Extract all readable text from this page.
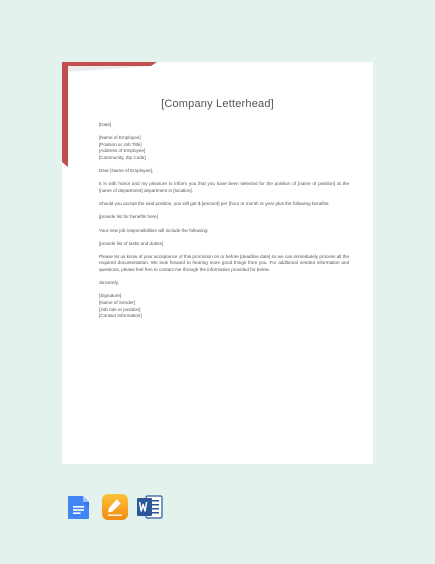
[Company Letterhead]

[Date]

[Name of Employee]
[Position or Job Title]
[Address of Employee]
[Community, Zip Code]

Dear [Name of Employee],

It is with honor and my pleasure to inform you that you have been selected for the position of [name of position] at the [name of department] department in [location].

Should you accept the said position, you will get $ [amount] per [hour or month or year plus the following benefits:

[provide list for benefits here]

Your new job responsibilities will include the following:

[provide list of tasks and duties]

Please let us know of your acceptance of this promotion on or before [deadline date] so we can immediately process all the required documentation. We look forward to hearing more good things from you. For additional needed information and questions, please feel free to contact me through the information provided for below.

Sincerely,

[Signature]
[Name of Sender]
[Job role or position]
[Contact Information]
